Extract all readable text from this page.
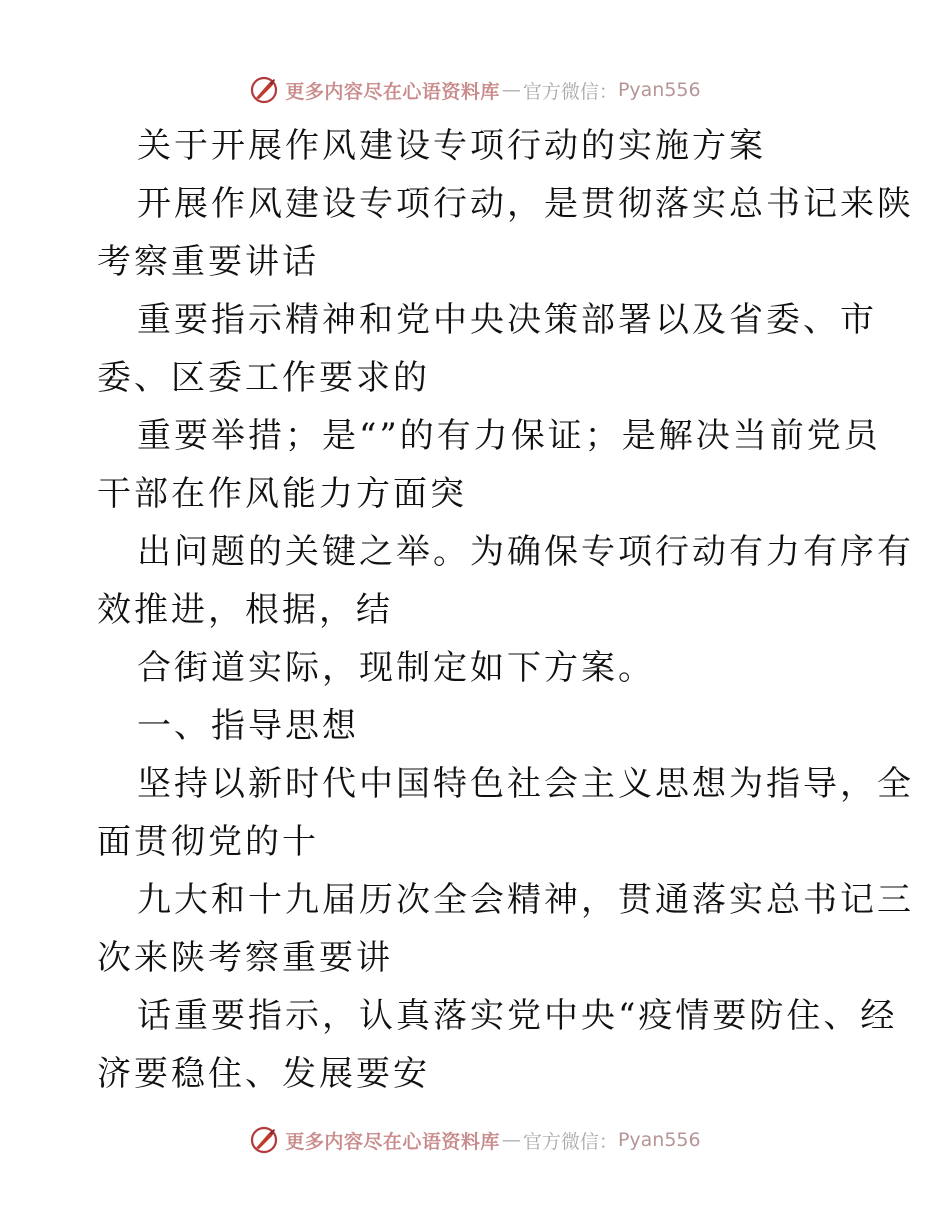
更多内容尽在心语资料库 — 官方微信： Pyan556
关于开展作风建设专项行动的实施方案
开展作风建设专项行动，是贯彻落实总书记来陕
考察重要讲话
重要指示精神和党中央决策部署以及省委、市
委、区委工作要求的
重要举措；是“”的有力保证；是解决当前党员
干部在作风能力方面突
出问题的关键之举。为确保专项行动有力有序有
效推进，根据，结
合街道实际，现制定如下方案。
一、指导思想
坚持以新时代中国特色社会主义思想为指导，全
面贯彻党的十
九大和十九届历次全会精神，贯通落实总书记三
次来陕考察重要讲
话重要指示，认真落实党中央“疫情要防住、经
济要稳住、发展要安
更多内容尽在心语资料库 — 官方微信： Pyan556
